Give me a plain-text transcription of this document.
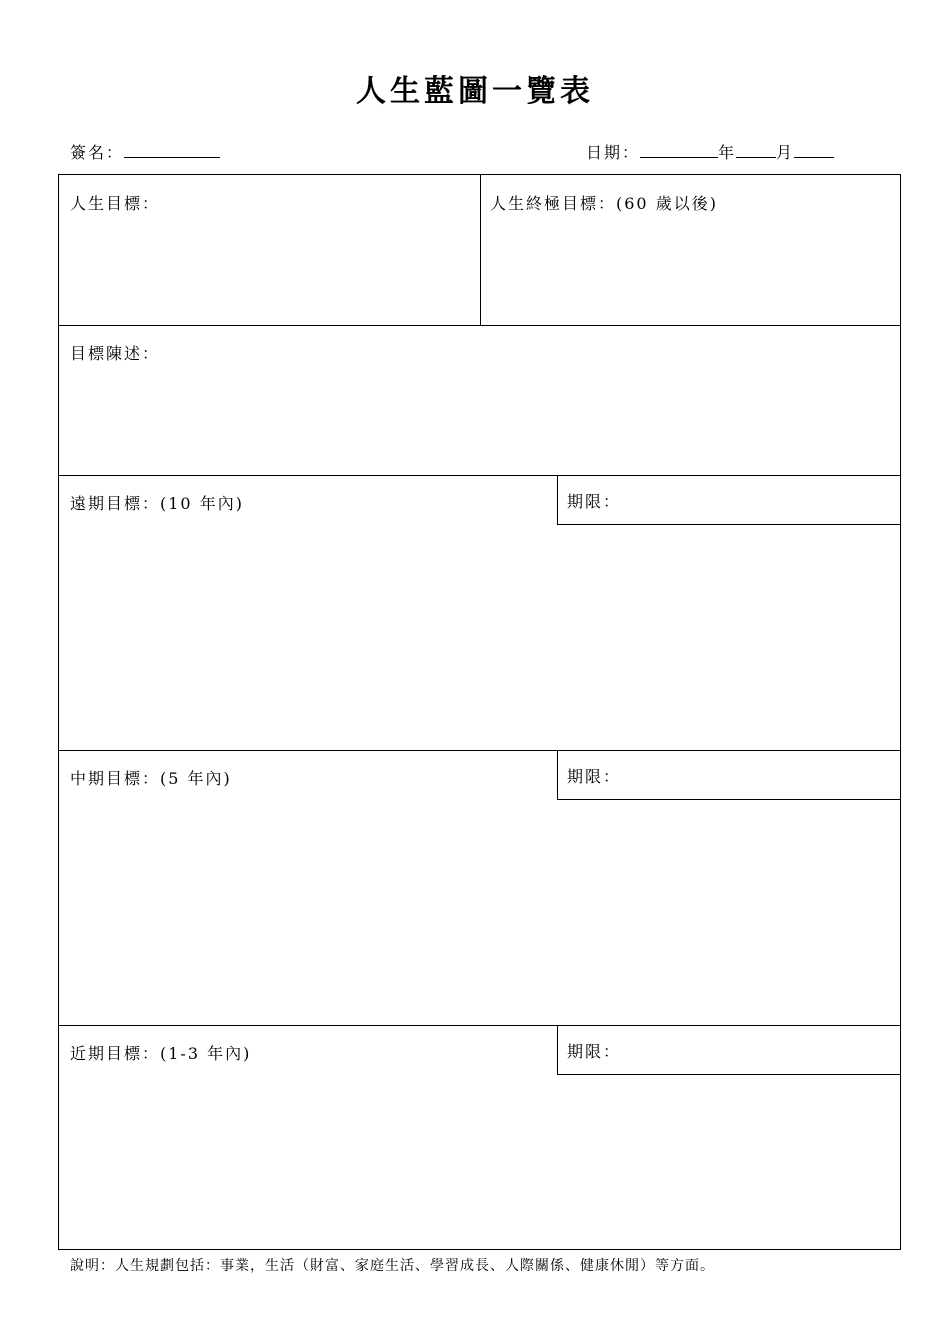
人生藍圖一覽表
簽名：	日期：	年	月
人生目標：	人生終極目標：(60 歲以後)
目標陳述：
遠期目標：(10 年內)	期限：
中期目標：(5 年內)	期限：
近期目標：(1-3 年內)	期限：
說明：人生規劃包括：事業，生活（財富、家庭生活、學習成長、人際關係、健康休閒）等方面。
